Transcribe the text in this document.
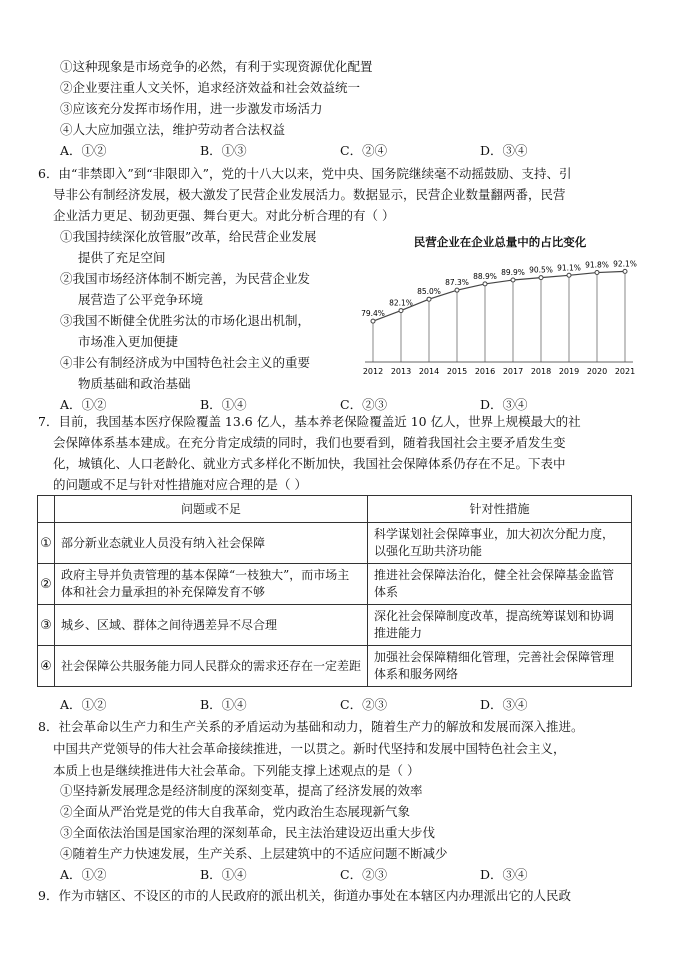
①这种现象是市场竞争的必然，有利于实现资源优化配置
②企业要注重人文关怀，追求经济效益和社会效益统一
③应该充分发挥市场作用，进一步激发市场活力
④人大应加强立法，维护劳动者合法权益
A．①②	B．①③	C．②④	D．③④
6．由“非禁即入”到“非限即入”，党的十八大以来，党中央、国务院继续毫不动摇鼓励、支持、引
导非公有制经济发展，极大激发了民营企业发展活力。数据显示，民营企业数量翻两番，民营
企业活力更足、韧劲更强、舞台更大。对此分析合理的有（ ）
①我国持续深化放管服”改革，给民营企业发展
提供了充足空间
②我国市场经济体制不断完善，为民营企业发
展营造了公平竞争环境
③我国不断健全优胜劣汰的市场化退出机制，
市场准入更加便捷
④非公有制经济成为中国特色社会主义的重要
物质基础和政治基础
民营企业在企业总量中的占比变化
79.4%
2012
82.1%
2013
85.0%
2014
87.3%
2015
88.9%
2016
89.9%
2017
90.5%
2018
91.1%
2019
91.8%
2020
92.1%
2021
A．①②	B．①④	C．②③	D．③④
7．目前，我国基本医疗保险覆盖 13.6 亿人，基本养老保险覆盖近 10 亿人，世界上规模最大的社
会保障体系基本建成。在充分肯定成绩的同时，我们也要看到，随着我国社会主要矛盾发生变
化，城镇化、人口老龄化、就业方式多样化不断加快，我国社会保障体系仍存在不足。下表中
的问题或不足与针对性措施对应合理的是（ ）
	问题或不足	针对性措施
①	部分新业态就业人员没有纳入社会保障	科学谋划社会保障事业，加大初次分配力度，以强化互助共济功能
②	政府主导并负责管理的基本保障“一枝独大”，而市场主体和社会力量承担的补充保障发育不够	推进社会保障法治化，健全社会保障基金监管体系
③	城乡、区域、群体之间待遇差异不尽合理	深化社会保障制度改革，提高统筹谋划和协调推进能力
④	社会保障公共服务能力同人民群众的需求还存在一定差距	加强社会保障精细化管理，完善社会保障管理体系和服务网络
A．①②	B．①④	C．②③	D．③④
8．社会革命以生产力和生产关系的矛盾运动为基础和动力，随着生产力的解放和发展而深入推进。
中国共产党领导的伟大社会革命接续推进，一以贯之。新时代坚持和发展中国特色社会主义，
本质上也是继续推进伟大社会革命。下列能支撑上述观点的是（ ）
①坚持新发展理念是经济制度的深刻变革，提高了经济发展的效率
②全面从严治党是党的伟大自我革命，党内政治生态展现新气象
③全面依法治国是国家治理的深刻革命，民主法治建设迈出重大步伐
④随着生产力快速发展，生产关系、上层建筑中的不适应问题不断减少
A．①②	B．①④	C．②③	D．③④
9．作为市辖区、不设区的市的人民政府的派出机关，街道办事处在本辖区内办理派出它的人民政
